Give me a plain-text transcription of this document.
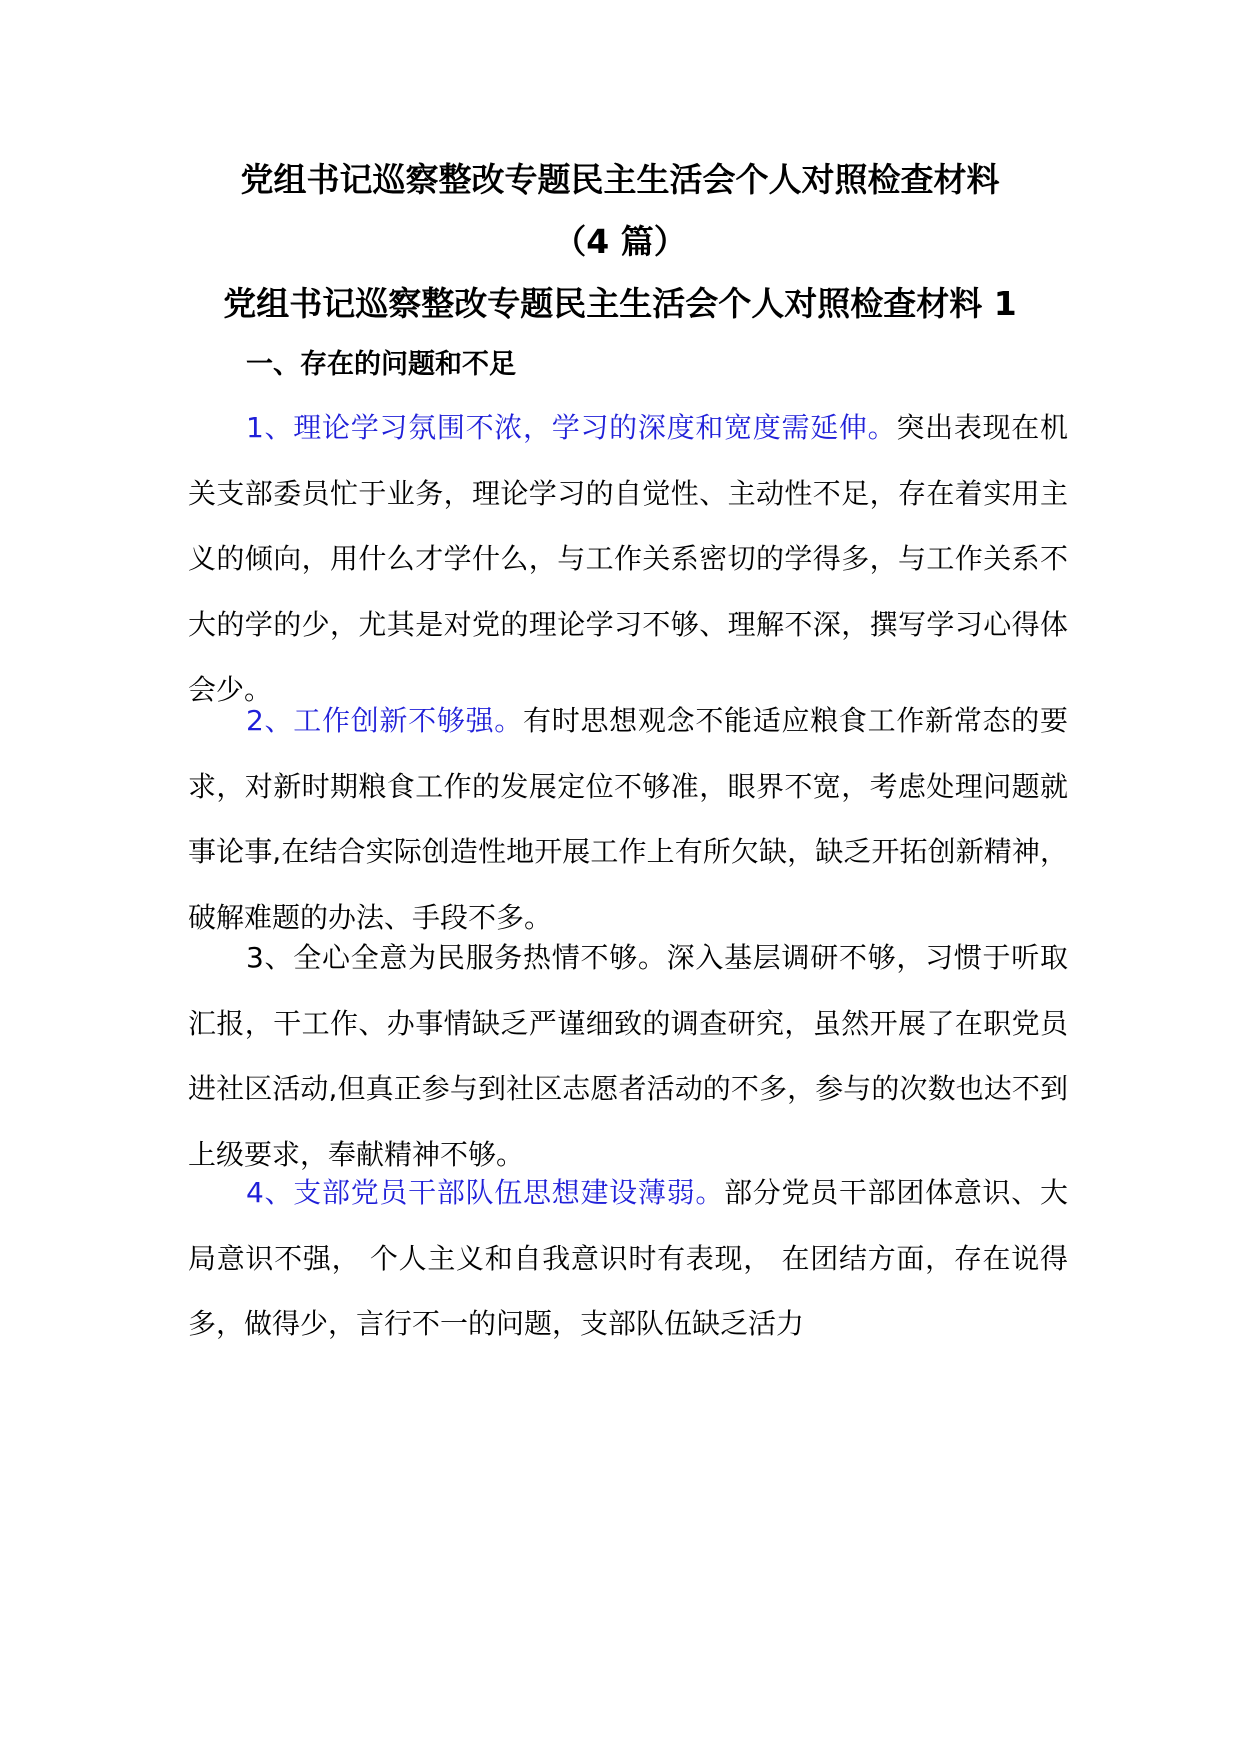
党组书记巡察整改专题民主生活会个人对照检查材料
（4 篇）
党组书记巡察整改专题民主生活会个人对照检查材料 1
一、存在的问题和不足

1、理论学习氛围不浓，学习的深度和宽度需延伸。突出表现在机关支部委员忙于业务，理论学习的自觉性、主动性不足，存在着实用主义的倾向，用什么才学什么，与工作关系密切的学得多，与工作关系不大的学的少，尤其是对党的理论学习不够、理解不深，撰写学习心得体会少。

2、工作创新不够强。有时思想观念不能适应粮食工作新常态的要求，对新时期粮食工作的发展定位不够准，眼界不宽，考虑处理问题就事论事,在结合实际创造性地开展工作上有所欠缺，缺乏开拓创新精神，破解难题的办法、手段不多。

3、全心全意为民服务热情不够。深入基层调研不够，习惯于听取汇报，干工作、办事情缺乏严谨细致的调查研究，虽然开展了在职党员进社区活动,但真正参与到社区志愿者活动的不多，参与的次数也达不到上级要求，奉献精神不够。

4、支部党员干部队伍思想建设薄弱。部分党员干部团体意识、大局意识不强， 个人主义和自我意识时有表现， 在团结方面，存在说得多，做得少，言行不一的问题，支部队伍缺乏活力
